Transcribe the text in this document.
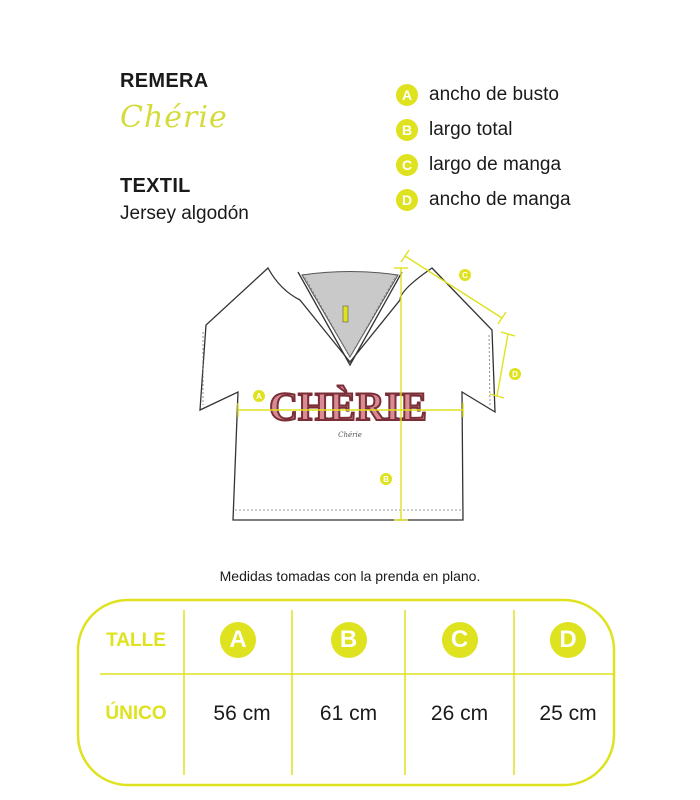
REMERA
Chérie
TEXTIL
Jersey algodón
A ancho de busto
B largo total
C largo de manga
D ancho de manga
CHÈRIE
Chérie
A
B
C
D
Medidas tomadas con la prenda en plano.
TALLE	A	B	C	D
ÚNICO	56 cm	61 cm	26 cm	25 cm
